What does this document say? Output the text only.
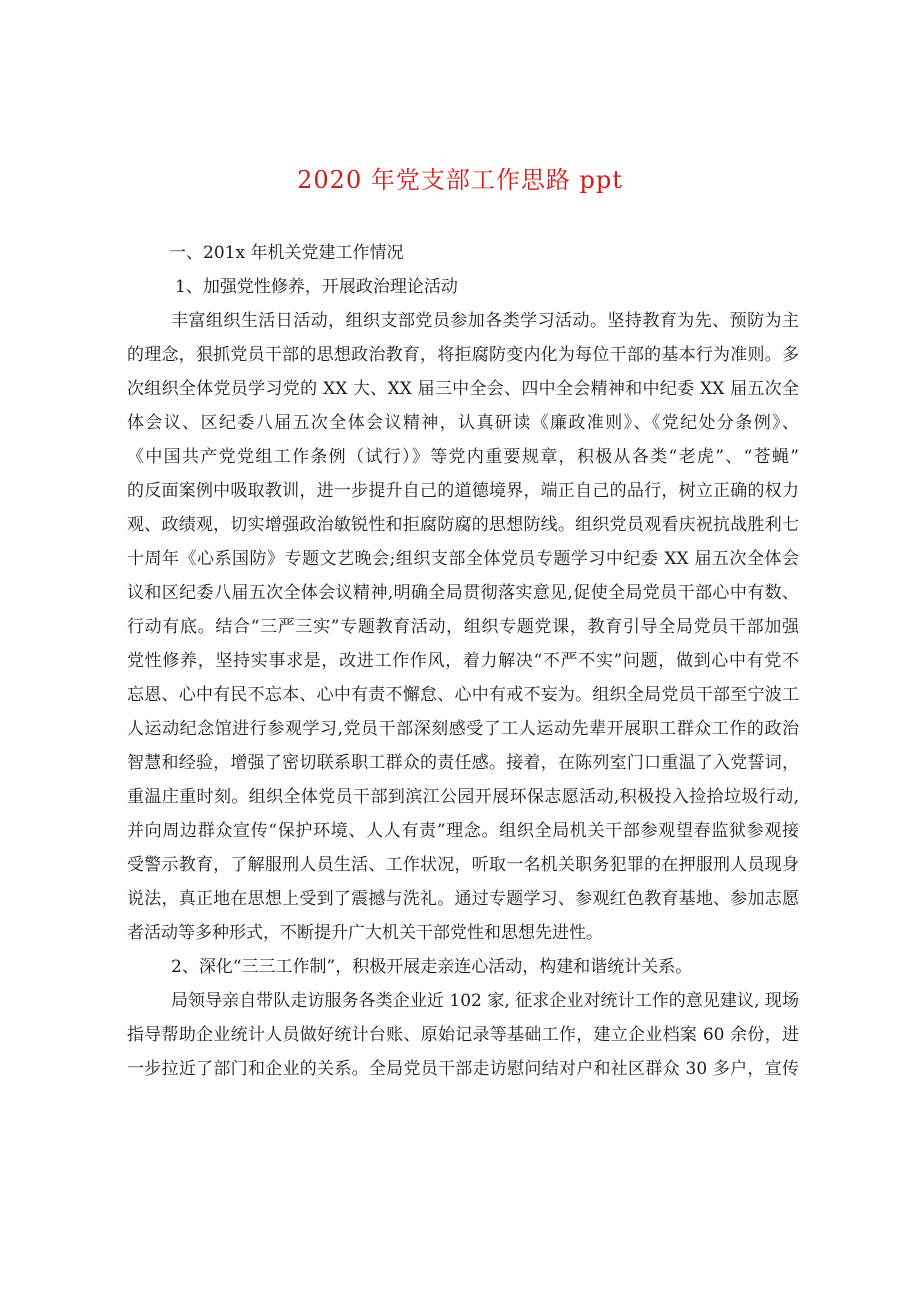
2020 年党支部工作思路 ppt

一、201x 年机关党建工作情况

1、加强党性修养，开展政治理论活动

丰富组织生活日活动，组织支部党员参加各类学习活动。坚持教育为先、预防为主

的理念，狠抓党员干部的思想政治教育，将拒腐防变内化为每位干部的基本行为准则。多

次组织全体党员学习党的 XX 大、XX 届三中全会、四中全会精神和中纪委 XX 届五次全

体会议、区纪委八届五次全体会议精神，认真研读《廉政准则》、《党纪处分条例》、

《中国共产党党组工作条例（试行）》等党内重要规章，积极从各类“老虎”、“苍蝇”

的反面案例中吸取教训，进一步提升自己的道德境界，端正自己的品行，树立正确的权力

观、政绩观，切实增强政治敏锐性和拒腐防腐的思想防线。组织党员观看庆祝抗战胜利七

十周年《心系国防》专题文艺晚会;组织支部全体党员专题学习中纪委 XX 届五次全体会

议和区纪委八届五次全体会议精神,明确全局贯彻落实意见,促使全局党员干部心中有数、

行动有底。结合“三严三实”专题教育活动，组织专题党课，教育引导全局党员干部加强

党性修养，坚持实事求是，改进工作作风，着力解决“不严不实”问题，做到心中有党不

忘恩、心中有民不忘本、心中有责不懈怠、心中有戒不妄为。组织全局党员干部至宁波工

人运动纪念馆进行参观学习,党员干部深刻感受了工人运动先辈开展职工群众工作的政治

智慧和经验，增强了密切联系职工群众的责任感。接着，在陈列室门口重温了入党誓词，

重温庄重时刻。组织全体党员干部到滨江公园开展环保志愿活动,积极投入捡拾垃圾行动,

并向周边群众宣传“保护环境、人人有责”理念。组织全局机关干部参观望春监狱参观接

受警示教育，了解服刑人员生活、工作状况，听取一名机关职务犯罪的在押服刑人员现身

说法，真正地在思想上受到了震撼与洗礼。通过专题学习、参观红色教育基地、参加志愿

者活动等多种形式，不断提升广大机关干部党性和思想先进性。

2、深化“三三工作制”，积极开展走亲连心活动，构建和谐统计关系。

局领导亲自带队走访服务各类企业近 102 家, 征求企业对统计工作的意见建议, 现场

指导帮助企业统计人员做好统计台账、原始记录等基础工作，建立企业档案 60 余份，进

一步拉近了部门和企业的关系。全局党员干部走访慰问结对户和社区群众 30 多户，宣传
